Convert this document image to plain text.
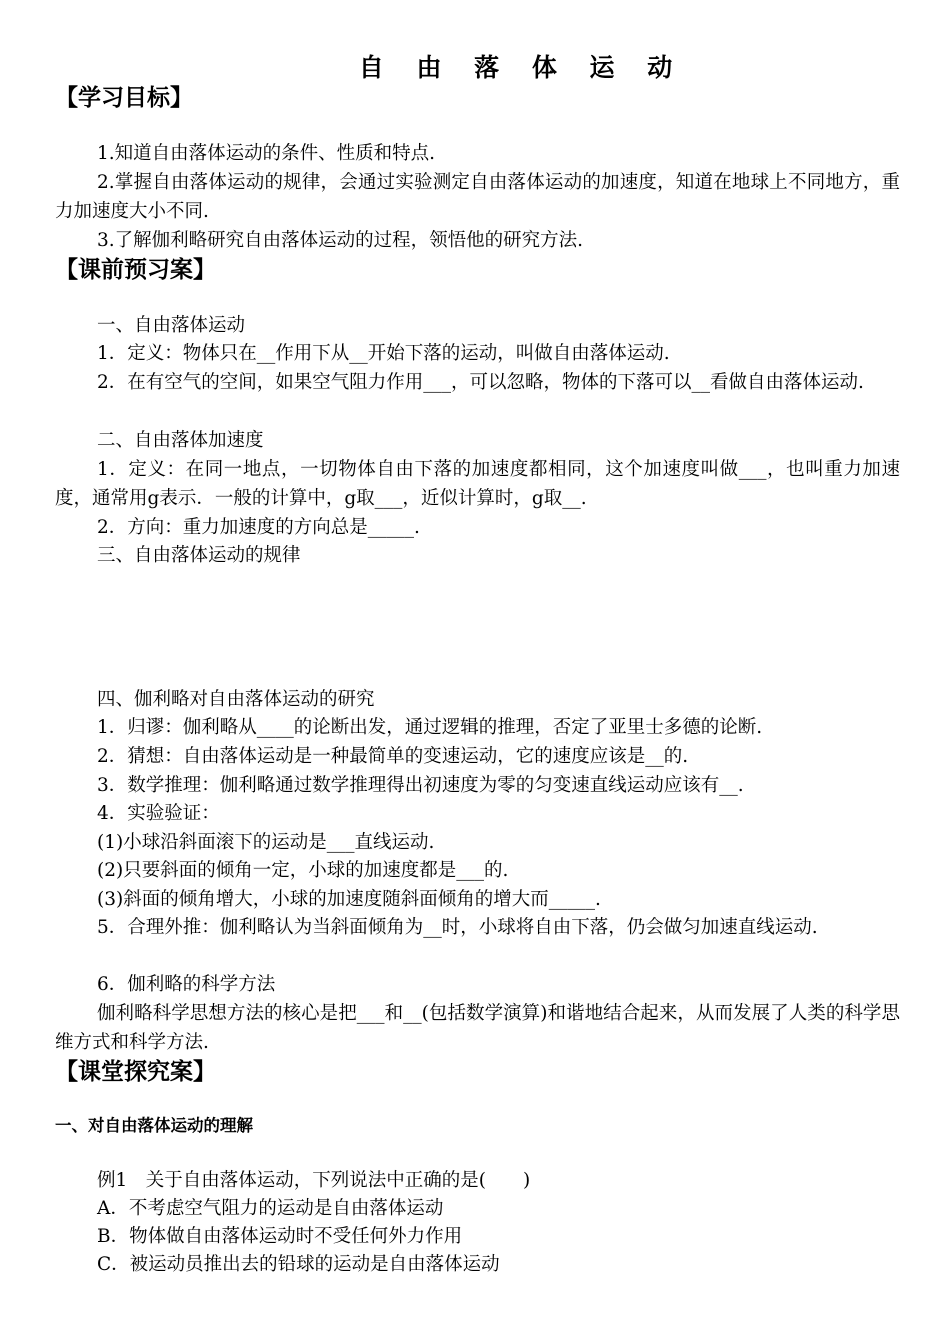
自 由 落 体 运 动
【学习目标】
1.知道自由落体运动的条件、性质和特点.
2.掌握自由落体运动的规律，会通过实验测定自由落体运动的加速度，知道在地球上不同地方，重力加速度大小不同.
3.了解伽利略研究自由落体运动的过程，领悟他的研究方法.
【课前预习案】
一、自由落体运动
1．定义：物体只在__作用下从__开始下落的运动，叫做自由落体运动.
2．在有空气的空间，如果空气阻力作用___，可以忽略，物体的下落可以__看做自由落体运动.
二、自由落体加速度
1．定义：在同一地点，一切物体自由下落的加速度都相同，这个加速度叫做___，也叫重力加速度，通常用g表示．一般的计算中，g取___，近似计算时，g取__.
2．方向：重力加速度的方向总是_____.
三、自由落体运动的规律
四、伽利略对自由落体运动的研究
1．归谬：伽利略从____的论断出发，通过逻辑的推理，否定了亚里士多德的论断.
2．猜想：自由落体运动是一种最简单的变速运动，它的速度应该是__的.
3．数学推理：伽利略通过数学推理得出初速度为零的匀变速直线运动应该有__.
4．实验验证：
(1)小球沿斜面滚下的运动是___直线运动.
(2)只要斜面的倾角一定，小球的加速度都是___的.
(3)斜面的倾角增大，小球的加速度随斜面倾角的增大而_____.
5．合理外推：伽利略认为当斜面倾角为__时，小球将自由下落，仍会做匀加速直线运动.
6．伽利略的科学方法
伽利略科学思想方法的核心是把___和__(包括数学演算)和谐地结合起来，从而发展了人类的科学思维方式和科学方法.
【课堂探究案】
一、对自由落体运动的理解
例1　关于自由落体运动，下列说法中正确的是(　　)
A．不考虑空气阻力的运动是自由落体运动
B．物体做自由落体运动时不受任何外力作用
C．被运动员推出去的铅球的运动是自由落体运动
